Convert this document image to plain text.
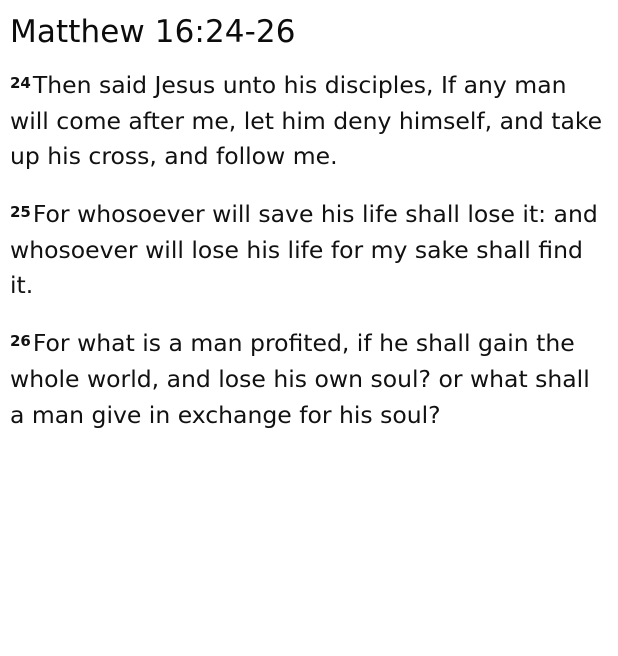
Matthew 16:24-26

$^{24}$Then said Jesus unto his disciples, If any man will come after me, let him deny himself, and take up his cross, and follow me.

$^{25}$For whosoever will save his life shall lose it: and whosoever will lose his life for my sake shall find it.

$^{26}$For what is a man profited, if he shall gain the whole world, and lose his own soul? or what shall a man give in exchange for his soul?
